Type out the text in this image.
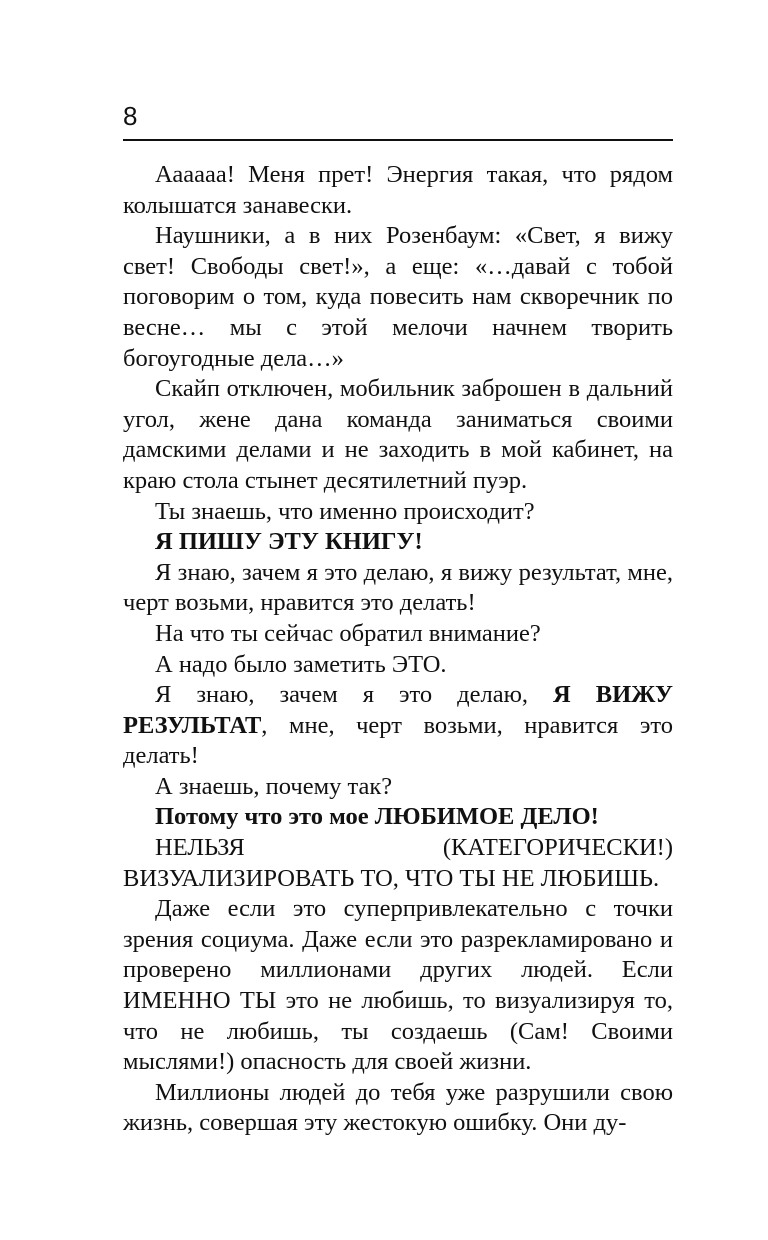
8

Аааааа! Меня прет! Энергия такая, что рядом колышатся занавески.

Наушники, а в них Розенбаум: «Свет, я вижу свет! Свободы свет!», а еще: «…давай с тобой поговорим о том, куда повесить нам скворечник по весне… мы с этой мелочи начнем творить богоугодные дела…»

Скайп отключен, мобильник заброшен в дальний угол, жене дана команда заниматься своими дамскими делами и не заходить в мой кабинет, на краю стола стынет десятилетний пуэр.

Ты знаешь, что именно происходит?

Я ПИШУ ЭТУ КНИГУ!

Я знаю, зачем я это делаю, я вижу результат, мне, черт возьми, нравится это делать!

На что ты сейчас обратил внимание?

А надо было заметить ЭТО.

Я знаю, зачем я это делаю, Я ВИЖУ РЕЗУЛЬТАТ, мне, черт возьми, нравится это делать!

А знаешь, почему так?

Потому что это мое ЛЮБИМОЕ ДЕЛО!

НЕЛЬЗЯ (КАТЕГОРИЧЕСКИ!) ВИЗУАЛИЗИРОВАТЬ ТО, ЧТО ТЫ НЕ ЛЮБИШЬ.

Даже если это суперпривлекательно с точки зрения социума. Даже если это разрекламировано и проверено миллионами других людей. Если ИМЕННО ТЫ это не любишь, то визуализируя то, что не любишь, ты создаешь (Сам! Своими мыслями!) опасность для своей жизни.

Миллионы людей до тебя уже разрушили свою жизнь, совершая эту жестокую ошибку. Они ду-
